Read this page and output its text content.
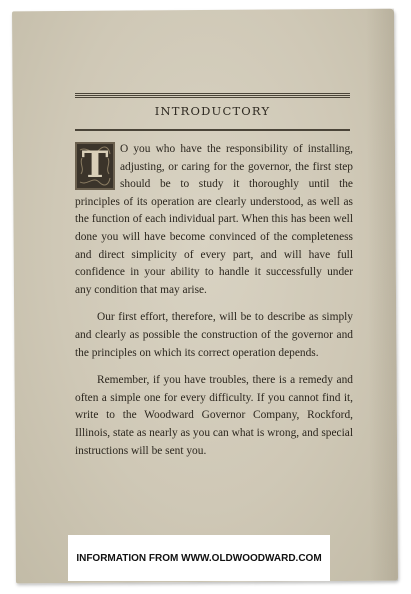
INTRODUCTORY
T	O you who have the responsibility of installing, adjusting, or caring for the governor, the first step should be to study it thoroughly until the principles of its operation are clearly understood, as well as the function of each individual part. When this has been well done you will have become convinced of the completeness and direct simplicity of every part, and will have full confidence in your ability to handle it successfully under any condition that may arise.

Our first effort, therefore, will be to describe as simply and clearly as possible the construction of the governor and the principles on which its correct operation depends.

Remember, if you have troubles, there is a remedy and often a simple one for every difficulty. If you cannot find it, write to the Woodward Governor Company, Rockford, Illinois, state as nearly as you can what is wrong, and special instructions will be sent you.

INFORMATION FROM WWW.OLDWOODWARD.COM
